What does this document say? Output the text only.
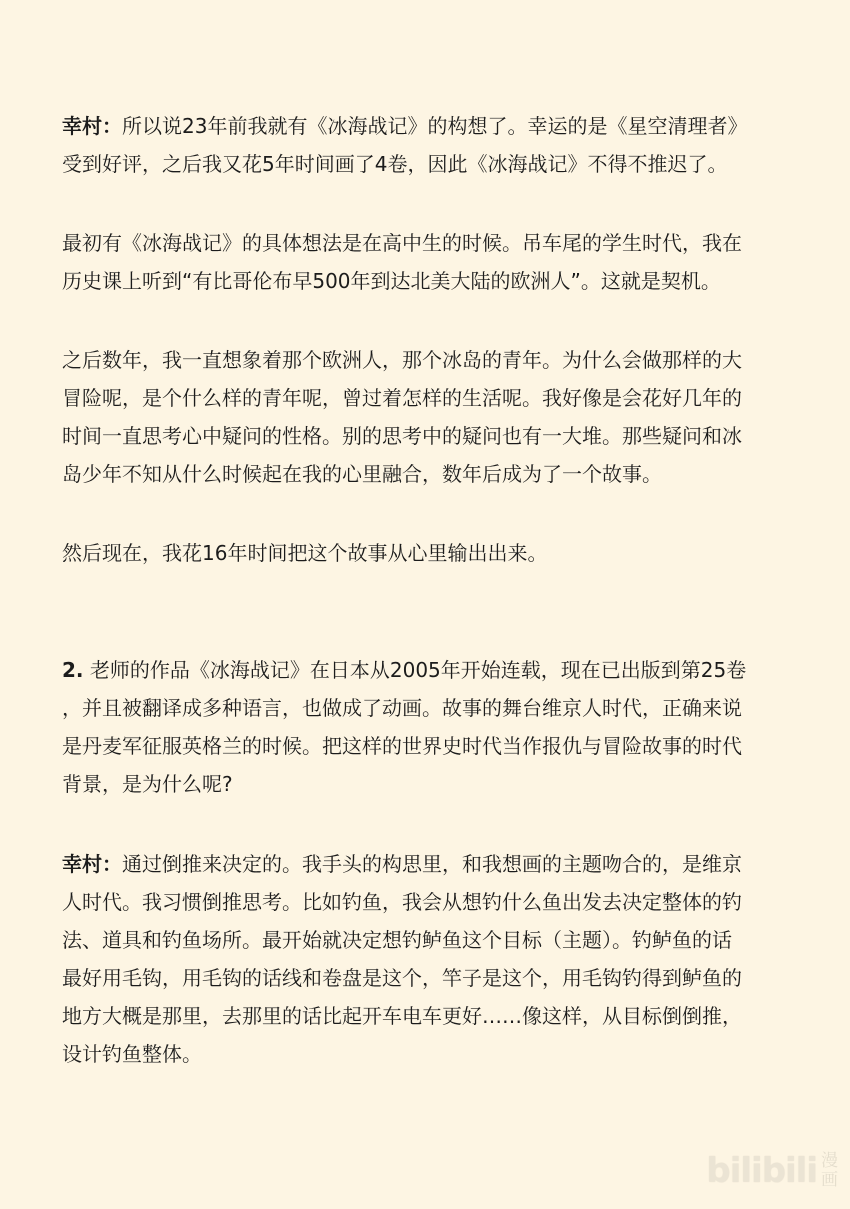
幸村：所以说23年前我就有《冰海战记》的构想了。幸运的是《星空清理者》
受到好评，之后我又花5年时间画了4卷，因此《冰海战记》不得不推迟了。
最初有《冰海战记》的具体想法是在高中生的时候。吊车尾的学生时代，我在
历史课上听到“有比哥伦布早500年到达北美大陆的欧洲人”。这就是契机。
之后数年，我一直想象着那个欧洲人，那个冰岛的青年。为什么会做那样的大
冒险呢，是个什么样的青年呢，曾过着怎样的生活呢。我好像是会花好几年的
时间一直思考心中疑问的性格。别的思考中的疑问也有一大堆。那些疑问和冰
岛少年不知从什么时候起在我的心里融合，数年后成为了一个故事。
然后现在，我花16年时间把这个故事从心里输出出来。
2. 老师的作品《冰海战记》在日本从2005年开始连载，现在已出版到第25卷
，并且被翻译成多种语言，也做成了动画。故事的舞台维京人时代，正确来说
是丹麦军征服英格兰的时候。把这样的世界史时代当作报仇与冒险故事的时代
背景，是为什么呢?
幸村：通过倒推来决定的。我手头的构思里，和我想画的主题吻合的，是维京
人时代。我习惯倒推思考。比如钓鱼，我会从想钓什么鱼出发去决定整体的钓
法、道具和钓鱼场所。最开始就决定想钓鲈鱼这个目标（主题）。钓鲈鱼的话
最好用毛钩，用毛钩的话线和卷盘是这个，竿子是这个，用毛钩钓得到鲈鱼的
地方大概是那里，去那里的话比起开车电车更好……像这样，从目标倒倒推，
设计钓鱼整体。
bilibili 漫
画
